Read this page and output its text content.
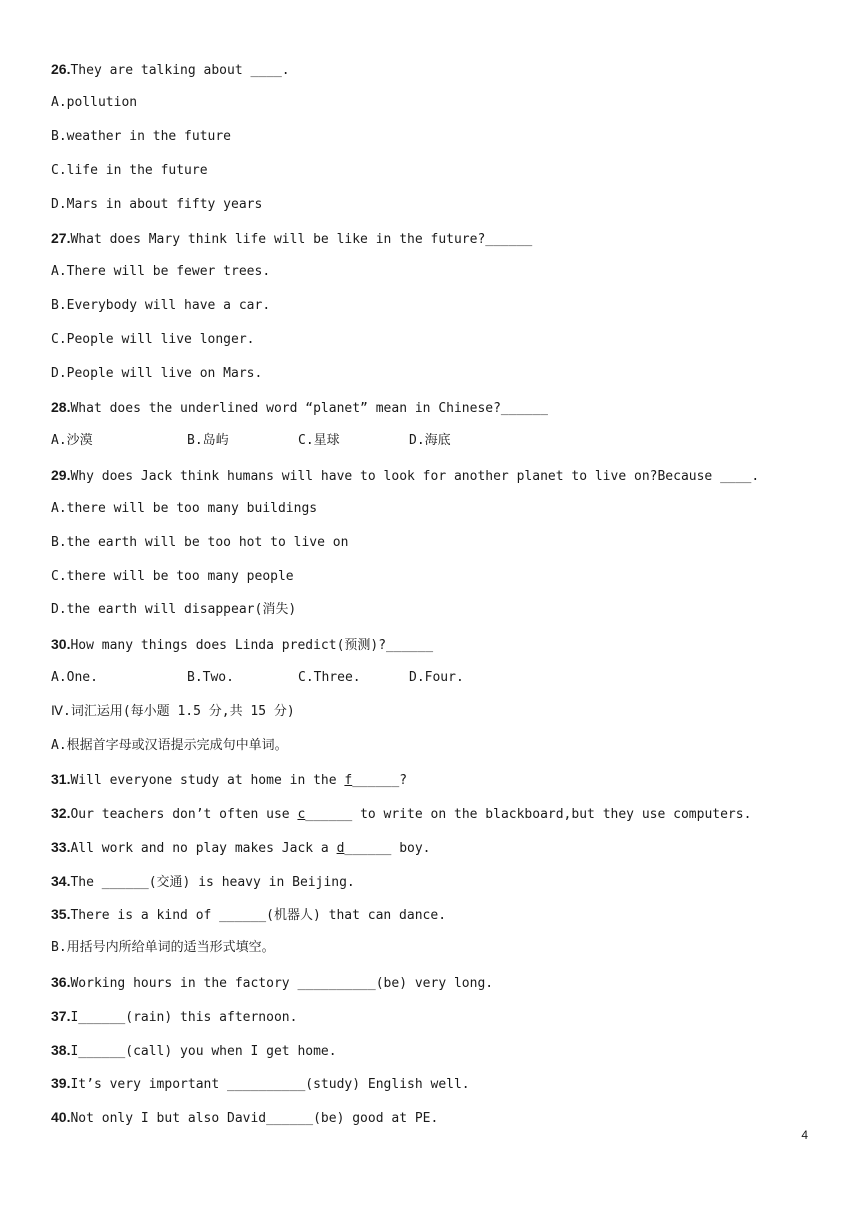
26.They are talking about ____.
A.pollution
B.weather in the future
C.life in the future
D.Mars in about fifty years
27.What does Mary think life will be like in the future?______
A.There will be fewer trees.
B.Everybody will have a car.
C.People will live longer.
D.People will live on Mars.
28.What does the underlined word “planet” mean in Chinese?______

A.沙漠

	B.岛屿

	C.星球

	D.海底

29.Why does Jack think humans will have to look for another planet to live on?Because ____.
A.there will be too many buildings
B.the earth will be too hot to live on
C.there will be too many people
D.the earth will disappear(消失)
30.How many things does Linda predict(预测)?______

A.One.

	B.Two.

	C.Three.

	D.Four.

Ⅳ.词汇运用(每小题 1.5 分,共 15 分)
A.根据首字母或汉语提示完成句中单词。
31.Will everyone study at home in the f______?
32.Our teachers don’t often use c______ to write on the blackboard,but they use computers.
33.All work and no play makes Jack a d______ boy.
34.The ______(交通) is heavy in Beijing.
35.There is a kind of ______(机器人) that can dance.
B.用括号内所给单词的适当形式填空。
36.Working hours in the factory __________(be) very long.
37.I______(rain) this afternoon.
38.I______(call) you when I get home.
39.It’s very important __________(study) English well.
40.Not only I but also David______(be) good at PE.
4
